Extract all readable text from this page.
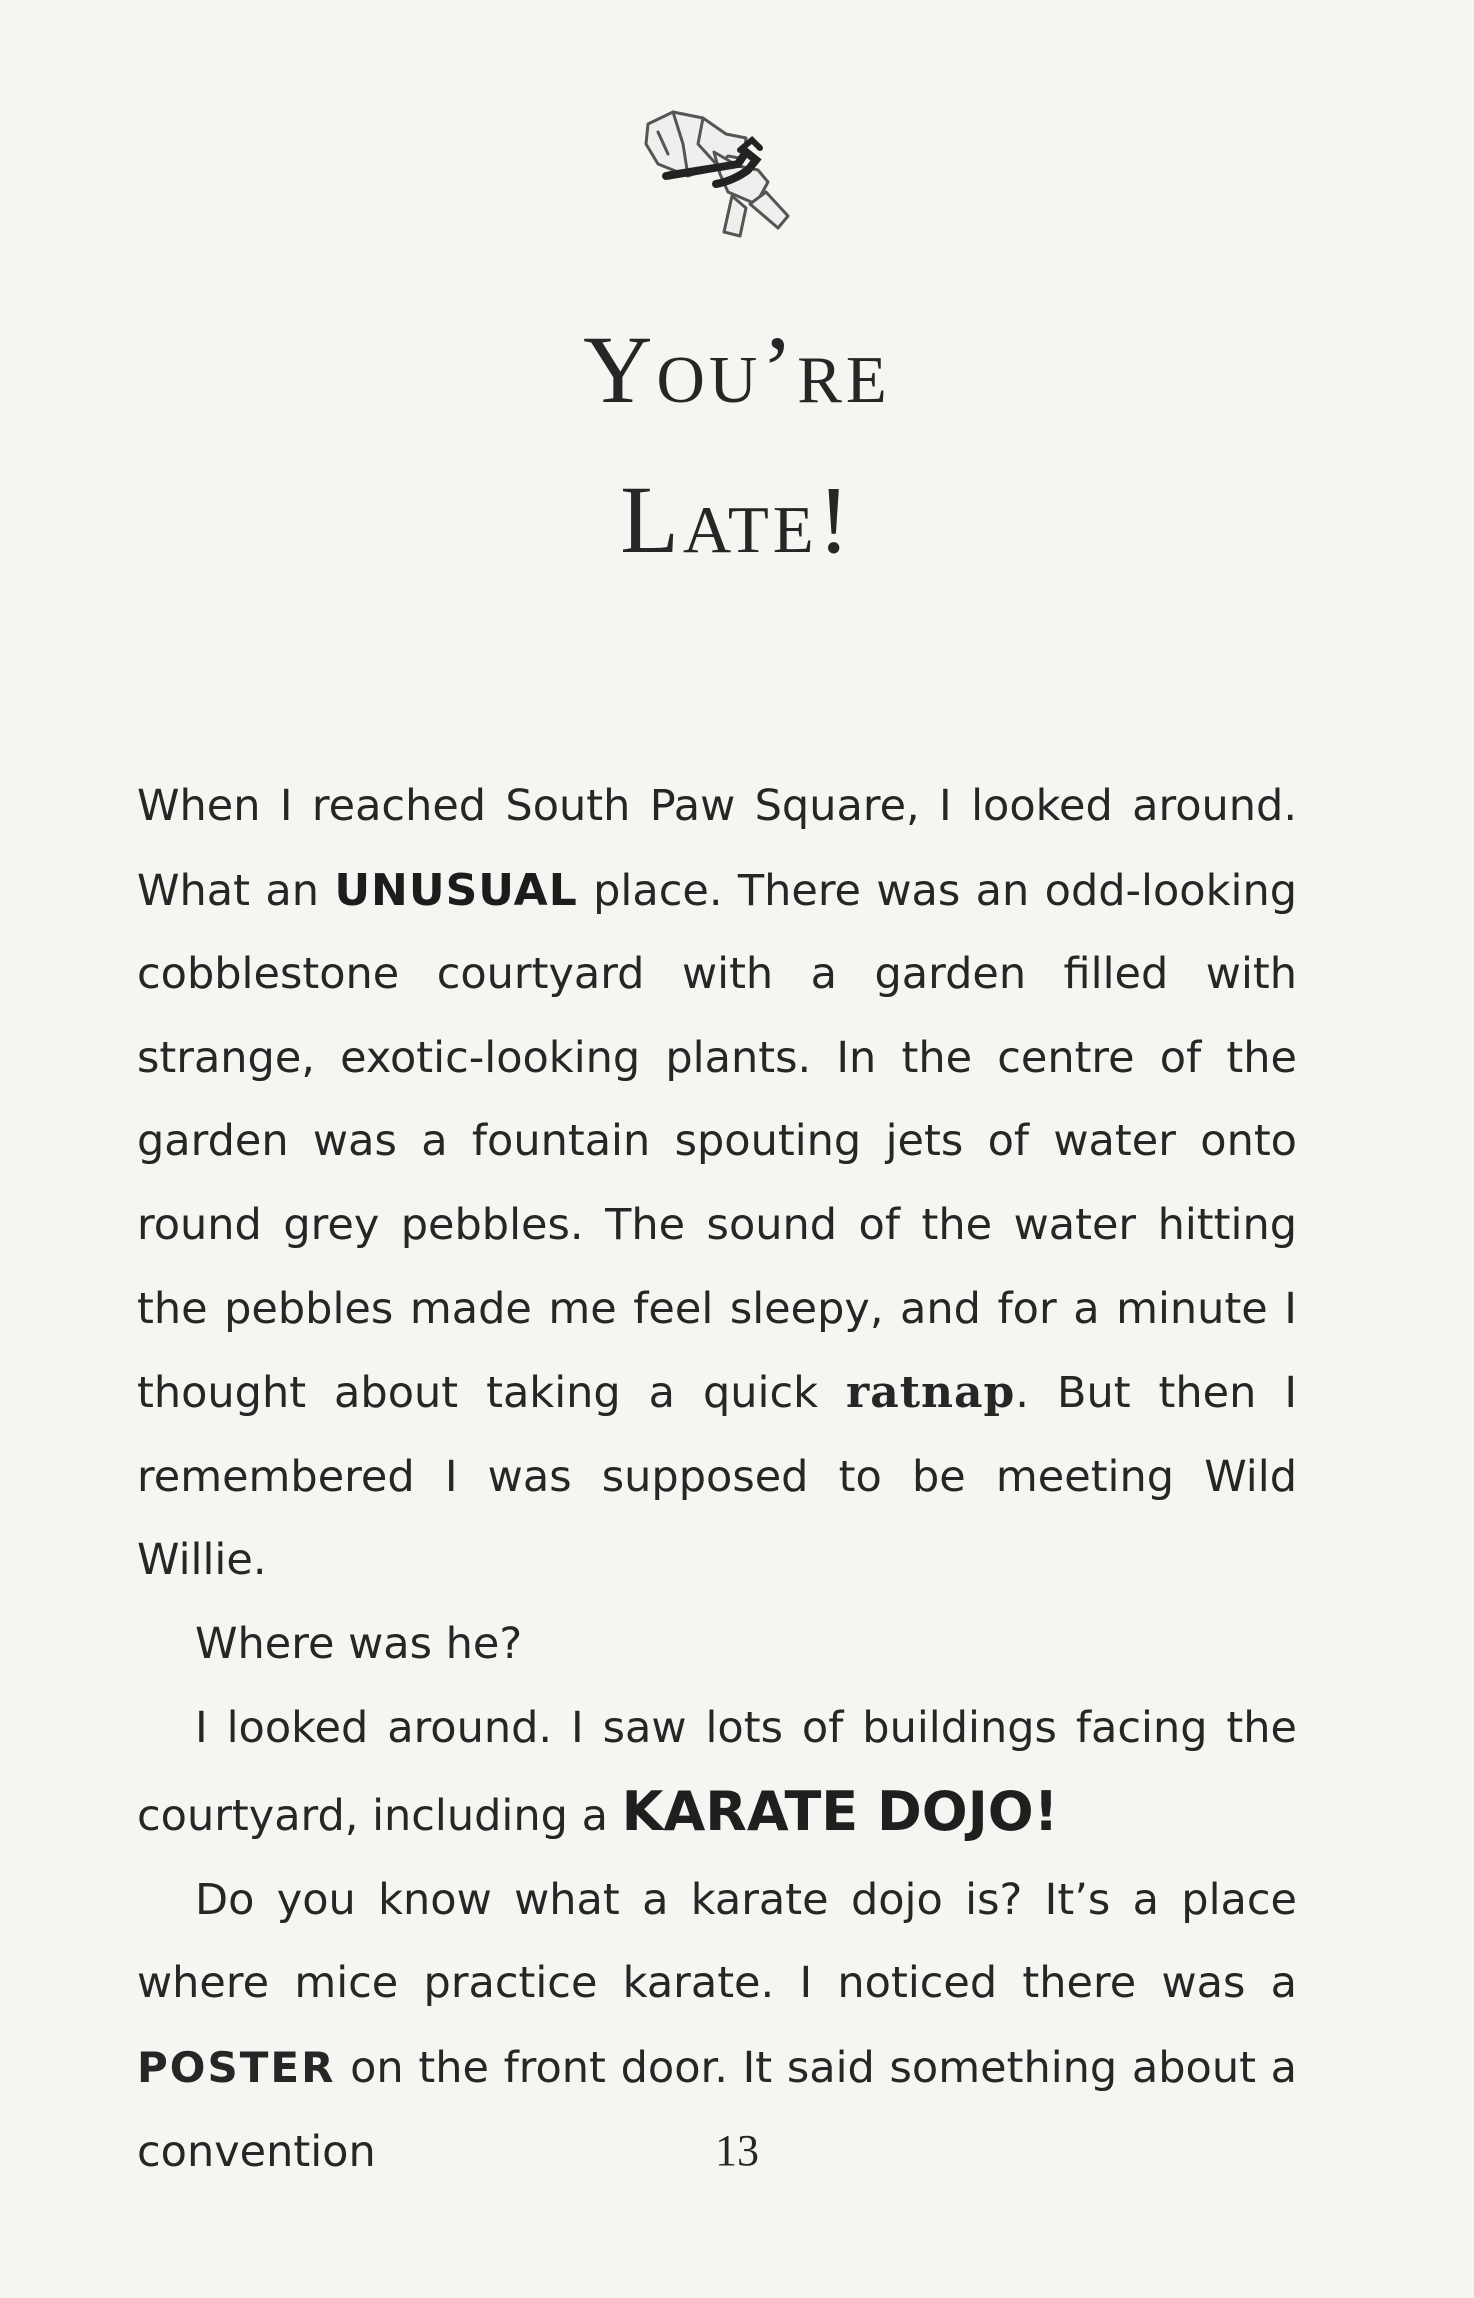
You’re
Late!

When I reached South Paw Square, I looked around. What an UNUSUAL place. There was an odd-looking cobblestone courtyard with a garden filled with strange, exotic-looking plants. In the centre of the garden was a fountain spouting jets of water onto round grey pebbles. The sound of the water hitting the pebbles made me feel sleepy, and for a minute I thought about taking a quick ratnap. But then I remembered I was supposed to be meeting Wild Willie.

Where was he?

I looked around. I saw lots of buildings facing the courtyard, including a KARATE DOJO!

Do you know what a karate dojo is? It’s a place where mice practice karate. I noticed there was a POSTER on the front door. It said something about a convention	13
